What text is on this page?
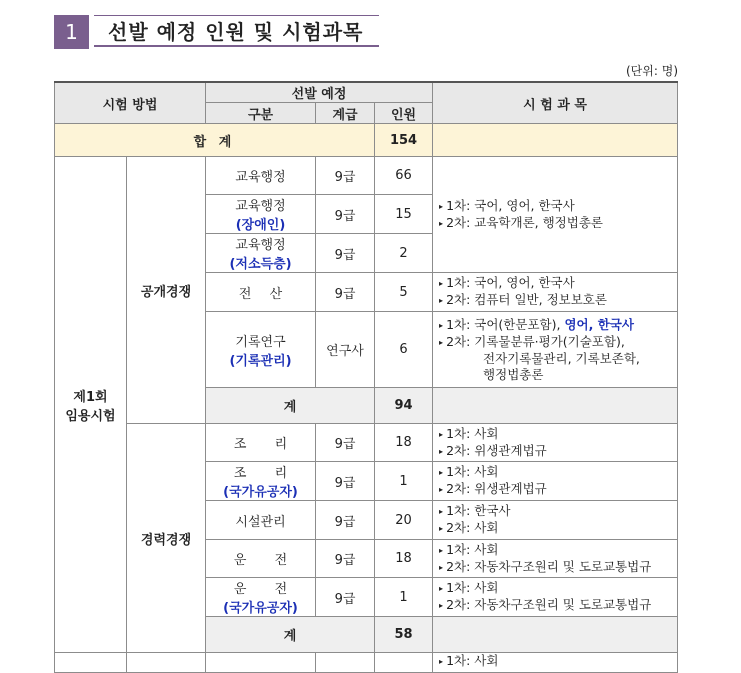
1	선발 예정 인원 및 시험과목
(단위: 명)
시험 방법		선발 예정			시 험 과 목
		구분	계급	인원	
합 계				154	
제1회
임용시험	공개경쟁	교육행정	9급	66	▸ 1차: 국어, 영어, 한국사
▸ 2차: 교육학개론, 행정법총론

		교육행정
(장애인)	9급	15	
		교육행정
(저소득층)	9급	2	
		전 산	9급	5	▸ 1차: 국어, 영어, 한국사
▸ 2차: 컴퓨터 일반, 정보보호론

		기록연구
(기록관리)	연구사	6	▸ 1차: 국어(한문포함), 영어, 한국사
▸ 2차: 기록물분류·평가(기술포함),
전자기록물관리, 기록보존학,
행정법총론

		계		94	
	경력경쟁	조 리	9급	18	▸ 1차: 사회
▸ 2차: 위생관계법규

		조 리
(국가유공자)	9급	1	▸ 1차: 사회
▸ 2차: 위생관계법규

		시설관리	9급	20	▸ 1차: 한국사
▸ 2차: 사회

		운 전	9급	18	▸ 1차: 사회
▸ 2차: 자동차구조원리 및 도로교통법규

		운 전
(국가유공자)	9급	1	▸ 1차: 사회
▸ 2차: 자동차구조원리 및 도로교통법규

		계		58	
					▸ 1차: 사회
